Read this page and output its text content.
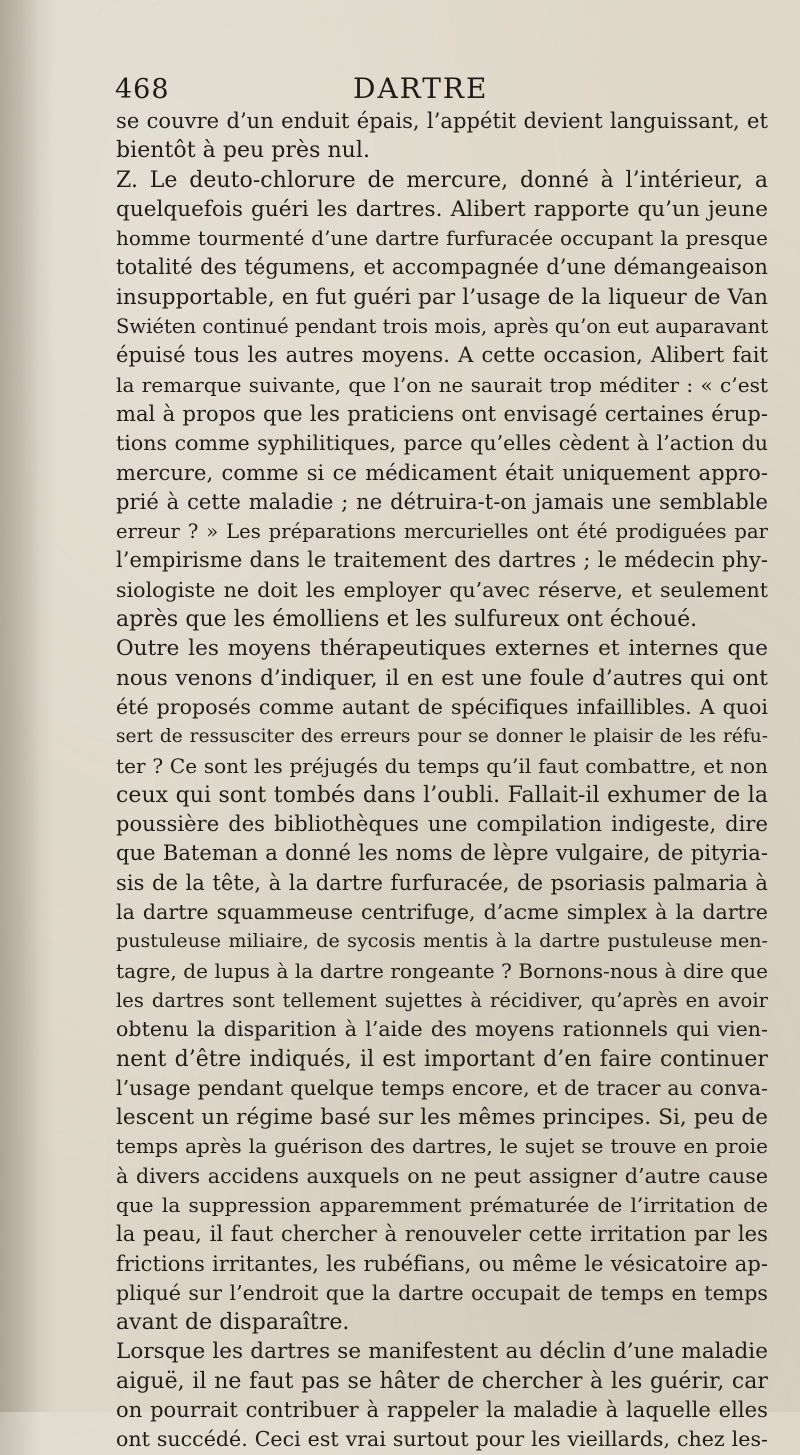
468	DARTRE
se couvre d’un enduit épais, l’appétit devient languissant, et
bientôt à peu près nul.
Z. Le deuto-chlorure de mercure, donné à l’intérieur, a
quelquefois guéri les dartres. Alibert rapporte qu’un jeune
homme tourmenté d’une dartre furfuracée occupant la presque
totalité des tégumens, et accompagnée d’une démangeaison
insupportable, en fut guéri par l’usage de la liqueur de Van
Swiéten continué pendant trois mois, après qu’on eut auparavant
épuisé tous les autres moyens. A cette occasion, Alibert fait
la remarque suivante, que l’on ne saurait trop méditer : « c’est
mal à propos que les praticiens ont envisagé certaines érup-
tions comme syphilitiques, parce qu’elles cèdent à l’action du
mercure, comme si ce médicament était uniquement appro-
prié à cette maladie ; ne détruira-t-on jamais une semblable
erreur ? » Les préparations mercurielles ont été prodiguées par
l’empirisme dans le traitement des dartres ; le médecin phy-
siologiste ne doit les employer qu’avec réserve, et seulement
après que les émolliens et les sulfureux ont échoué.
Outre les moyens thérapeutiques externes et internes que
nous venons d’indiquer, il en est une foule d’autres qui ont
été proposés comme autant de spécifiques infaillibles. A quoi
sert de ressusciter des erreurs pour se donner le plaisir de les réfu-
ter ? Ce sont les préjugés du temps qu’il faut combattre, et non
ceux qui sont tombés dans l’oubli. Fallait-il exhumer de la
poussière des bibliothèques une compilation indigeste, dire
que Bateman a donné les noms de lèpre vulgaire, de pityria-
sis de la tête, à la dartre furfuracée, de psoriasis palmaria à
la dartre squammeuse centrifuge, d’acme simplex à la dartre
pustuleuse miliaire, de sycosis mentis à la dartre pustuleuse men-
tagre, de lupus à la dartre rongeante ? Bornons-nous à dire que
les dartres sont tellement sujettes à récidiver, qu’après en avoir
obtenu la disparition à l’aide des moyens rationnels qui vien-
nent d’être indiqués, il est important d’en faire continuer
l’usage pendant quelque temps encore, et de tracer au conva-
lescent un régime basé sur les mêmes principes. Si, peu de
temps après la guérison des dartres, le sujet se trouve en proie
à divers accidens auxquels on ne peut assigner d’autre cause
que la suppression apparemment prématurée de l’irritation de
la peau, il faut chercher à renouveler cette irritation par les
frictions irritantes, les rubéfians, ou même le vésicatoire ap-
pliqué sur l’endroit que la dartre occupait de temps en temps
avant de disparaître.
Lorsque les dartres se manifestent au déclin d’une maladie
aiguë, il ne faut pas se hâter de chercher à les guérir, car
on pourrait contribuer à rappeler la maladie à laquelle elles
ont succédé. Ceci est vrai surtout pour les vieillards, chez les-
